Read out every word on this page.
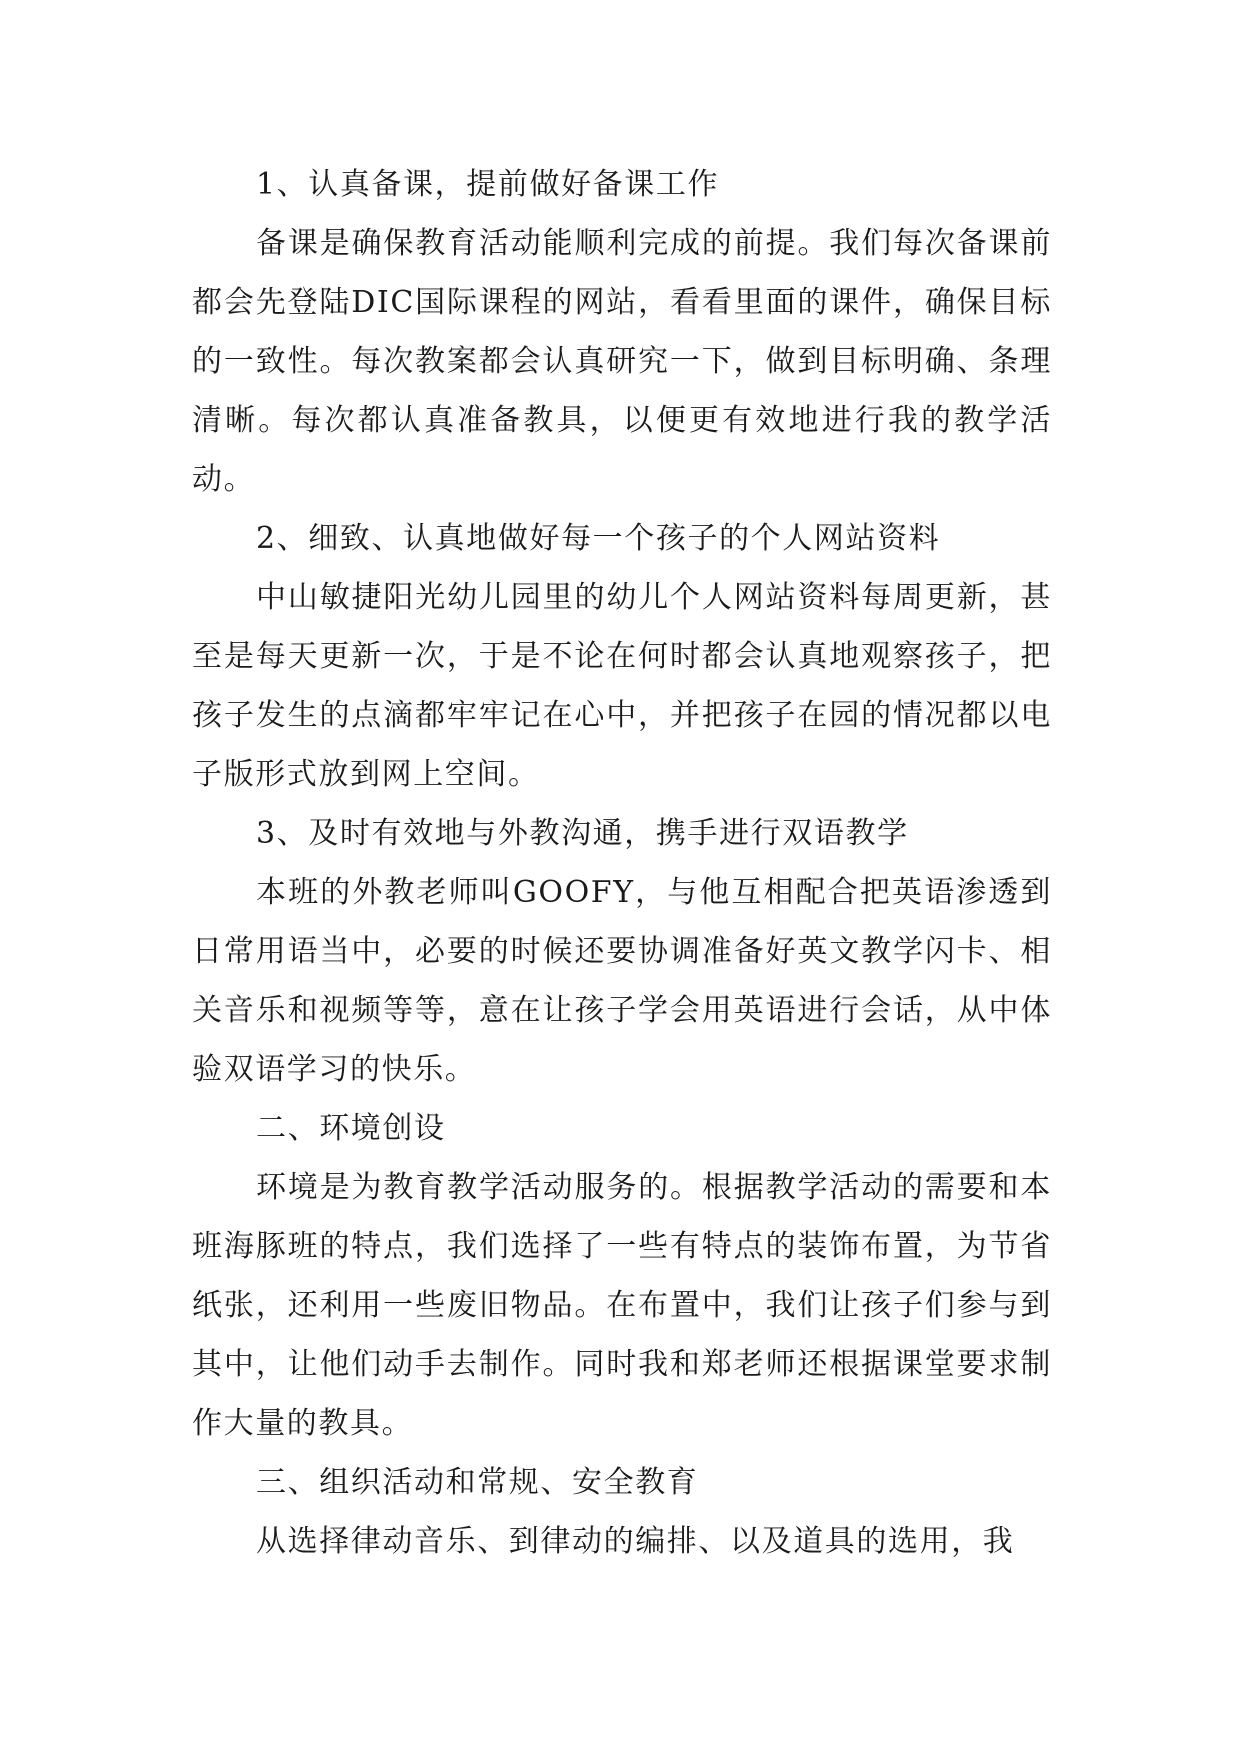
1、认真备课，提前做好备课工作

备课是确保教育活动能顺利完成的前提。我们每次备课前都会先登陆DIC国际课程的网站，看看里面的课件，确保目标的一致性。每次教案都会认真研究一下，做到目标明确、条理清晰。每次都认真准备教具，以便更有效地进行我的教学活动。

2、细致、认真地做好每一个孩子的个人网站资料

中山敏捷阳光幼儿园里的幼儿个人网站资料每周更新，甚至是每天更新一次，于是不论在何时都会认真地观察孩子，把孩子发生的点滴都牢牢记在心中，并把孩子在园的情况都以电子版形式放到网上空间。

3、及时有效地与外教沟通，携手进行双语教学

本班的外教老师叫GOOFY，与他互相配合把英语渗透到日常用语当中，必要的时候还要协调准备好英文教学闪卡、相关音乐和视频等等，意在让孩子学会用英语进行会话，从中体验双语学习的快乐。

二、环境创设

环境是为教育教学活动服务的。根据教学活动的需要和本班海豚班的特点，我们选择了一些有特点的装饰布置，为节省纸张，还利用一些废旧物品。在布置中，我们让孩子们参与到其中，让他们动手去制作。同时我和郑老师还根据课堂要求制作大量的教具。

三、组织活动和常规、安全教育

从选择律动音乐、到律动的编排、以及道具的选用，我
